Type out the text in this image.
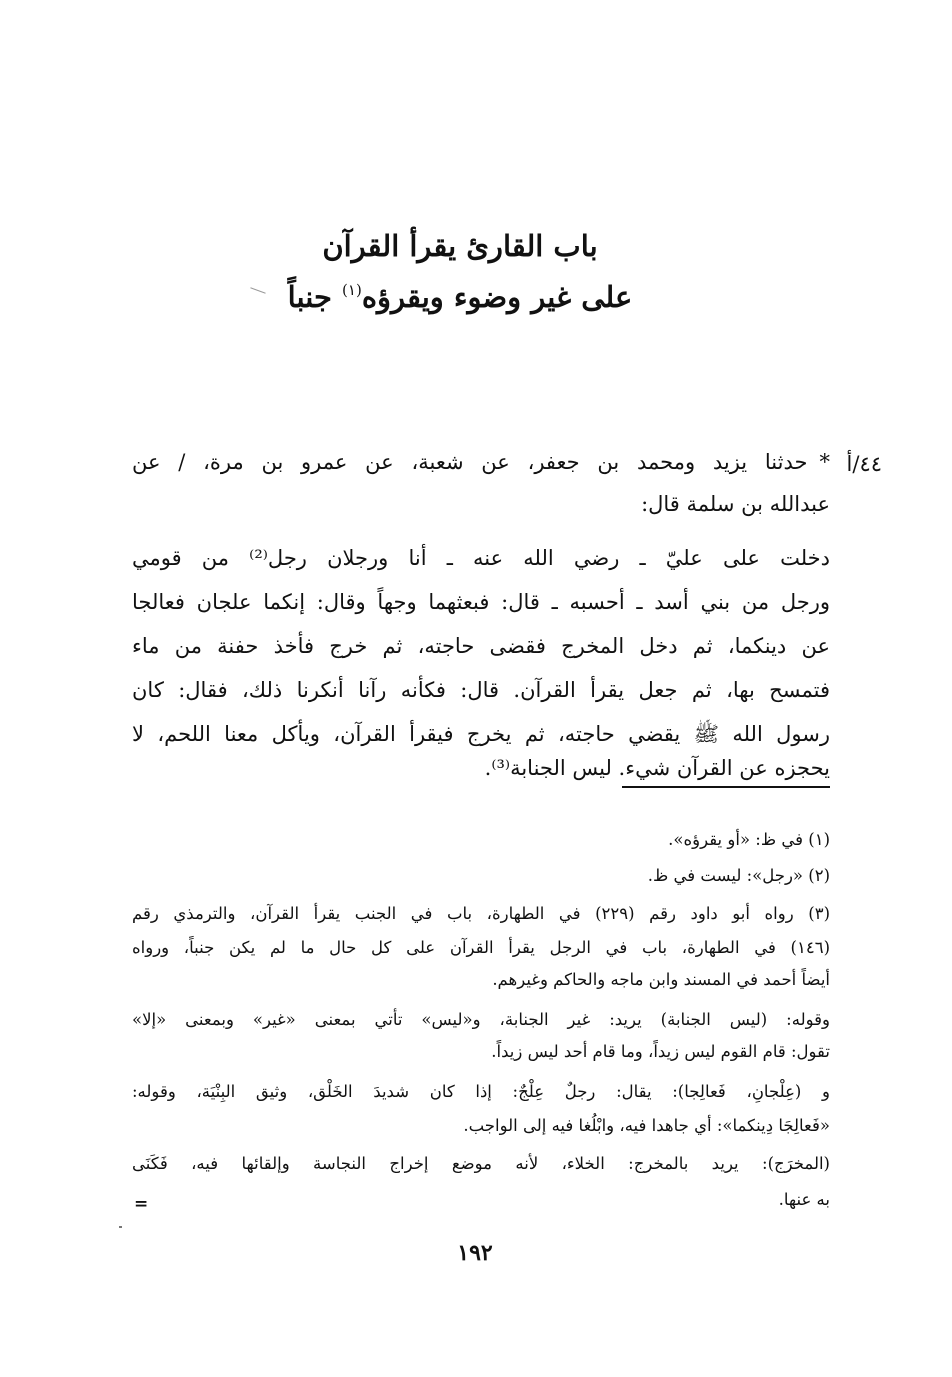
باب القارئ يقرأ القرآن
على غير وضوء ويقرؤه$^{(١)}$ جنباً
٤٤/أ
*حدثنا يزيد ومحمد بن جعفر، عن شعبة، عن عمرو بن مرة، / عن
عبدالله بن سلمة قال:
دخلت على عليّ ـ رضي الله عنه ـ أنا ورجلان رجل⁽²⁾ من قومي
ورجل من بني أسد ـ أحسبه ـ قال: فبعثهما وجهاً وقال: إنكما علجان فعالجا
عن دينكما، ثم دخل المخرج فقضى حاجته، ثم خرج فأخذ حفنة من ماء
فتمسح بها، ثم جعل يقرأ القرآن. قال: فكأنه رآنا أنكرنا ذلك، فقال: كان
رسول الله ﷺ يقضي حاجته، ثم يخرج فيقرأ القرآن، ويأكل معنا اللحم، لا
يحجزه عن القرآن شيء. ليس الجنابة⁽³⁾.
(١) في ظ: «أو يقرؤه».
(٢) «رجل»: ليست في ظ.
(٣) رواه أبو داود رقم (٢٢٩) في الطهارة، باب في الجنب يقرأ القرآن، والترمذي رقم
(١٤٦) في الطهارة، باب في الرجل يقرأ القرآن على كل حال ما لم يكن جنباً، ورواه
أيضاً أحمد في المسند وابن ماجه والحاكم وغيرهم.
وقوله: (ليس الجنابة) يريد: غير الجنابة، و«ليس» تأتي بمعنى «غير» وبمعنى «إلا»
تقول: قام القوم ليس زيداً، وما قام أحد ليس زيداً.
و (عِلْجانِ، فَعالِجا): يقال: رجلٌ عِلْجٌ: إذا كان شديدَ الخَلْق، وثيق البِنْيَة، وقوله:
«فَعالِجَا دِينكما»: أي جاهدا فيه، وابْلُغا فيه إلى الواجب.
(المخرَج): يريد بالمخرج: الخلاء، لأنه موضع إخراج النجاسة وإلقائها فيه، فَكَنَى
به عنها.
=
١٩٢
